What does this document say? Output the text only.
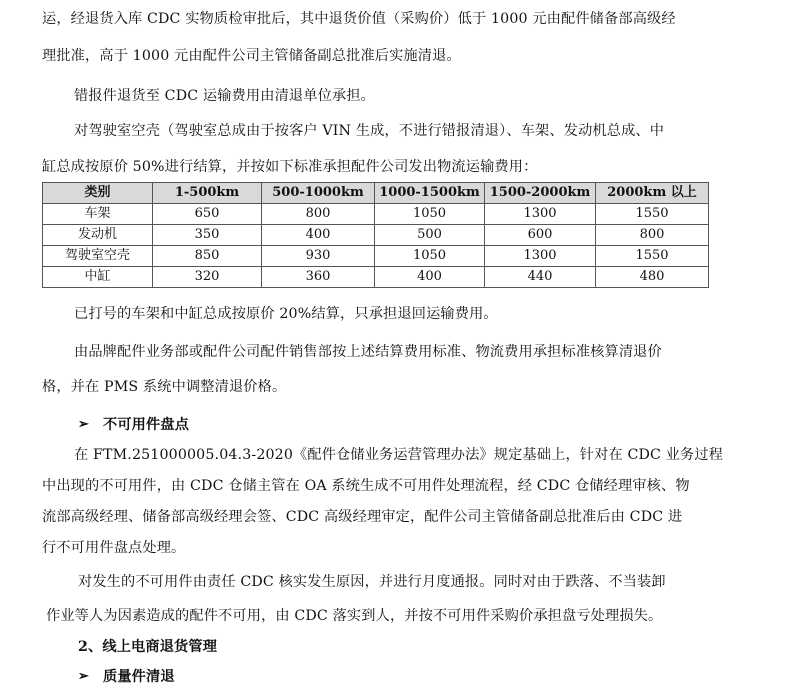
运，经退货入库 CDC 实物质检审批后，其中退货价值（采购价）低于 1000 元由配件储备部高级经
理批准，高于 1000 元由配件公司主管储备副总批准后实施清退。
错报件退货至 CDC 运输费用由清退单位承担。
对驾驶室空壳（驾驶室总成由于按客户 VIN 生成，不进行错报清退）、车架、发动机总成、中
缸总成按原价 50%进行结算，并按如下标准承担配件公司发出物流运输费用：
类别	1-500km	500-1000km	1000-1500km	1500-2000km	2000km 以上
车架	650	800	1050	1300	1550
发动机	350	400	500	600	800
驾驶室空壳	850	930	1050	1300	1550
中缸	320	360	400	440	480
已打号的车架和中缸总成按原价 20%结算，只承担退回运输费用。
由品牌配件业务部或配件公司配件销售部按上述结算费用标准、物流费用承担标准核算清退价
格，并在 PMS 系统中调整清退价格。
➢ 不可用件盘点
在 FTM.251000005.04.3-2020《配件仓储业务运营管理办法》规定基础上，针对在 CDC 业务过程
中出现的不可用件，由 CDC 仓储主管在 OA 系统生成不可用件处理流程，经 CDC 仓储经理审核、物
流部高级经理、储备部高级经理会签、CDC 高级经理审定，配件公司主管储备副总批准后由 CDC 进
行不可用件盘点处理。
对发生的不可用件由责任 CDC 核实发生原因，并进行月度通报。同时对由于跌落、不当装卸
作业等人为因素造成的配件不可用，由 CDC 落实到人，并按不可用件采购价承担盘亏处理损失。
2、线上电商退货管理
➢ 质量件清退
